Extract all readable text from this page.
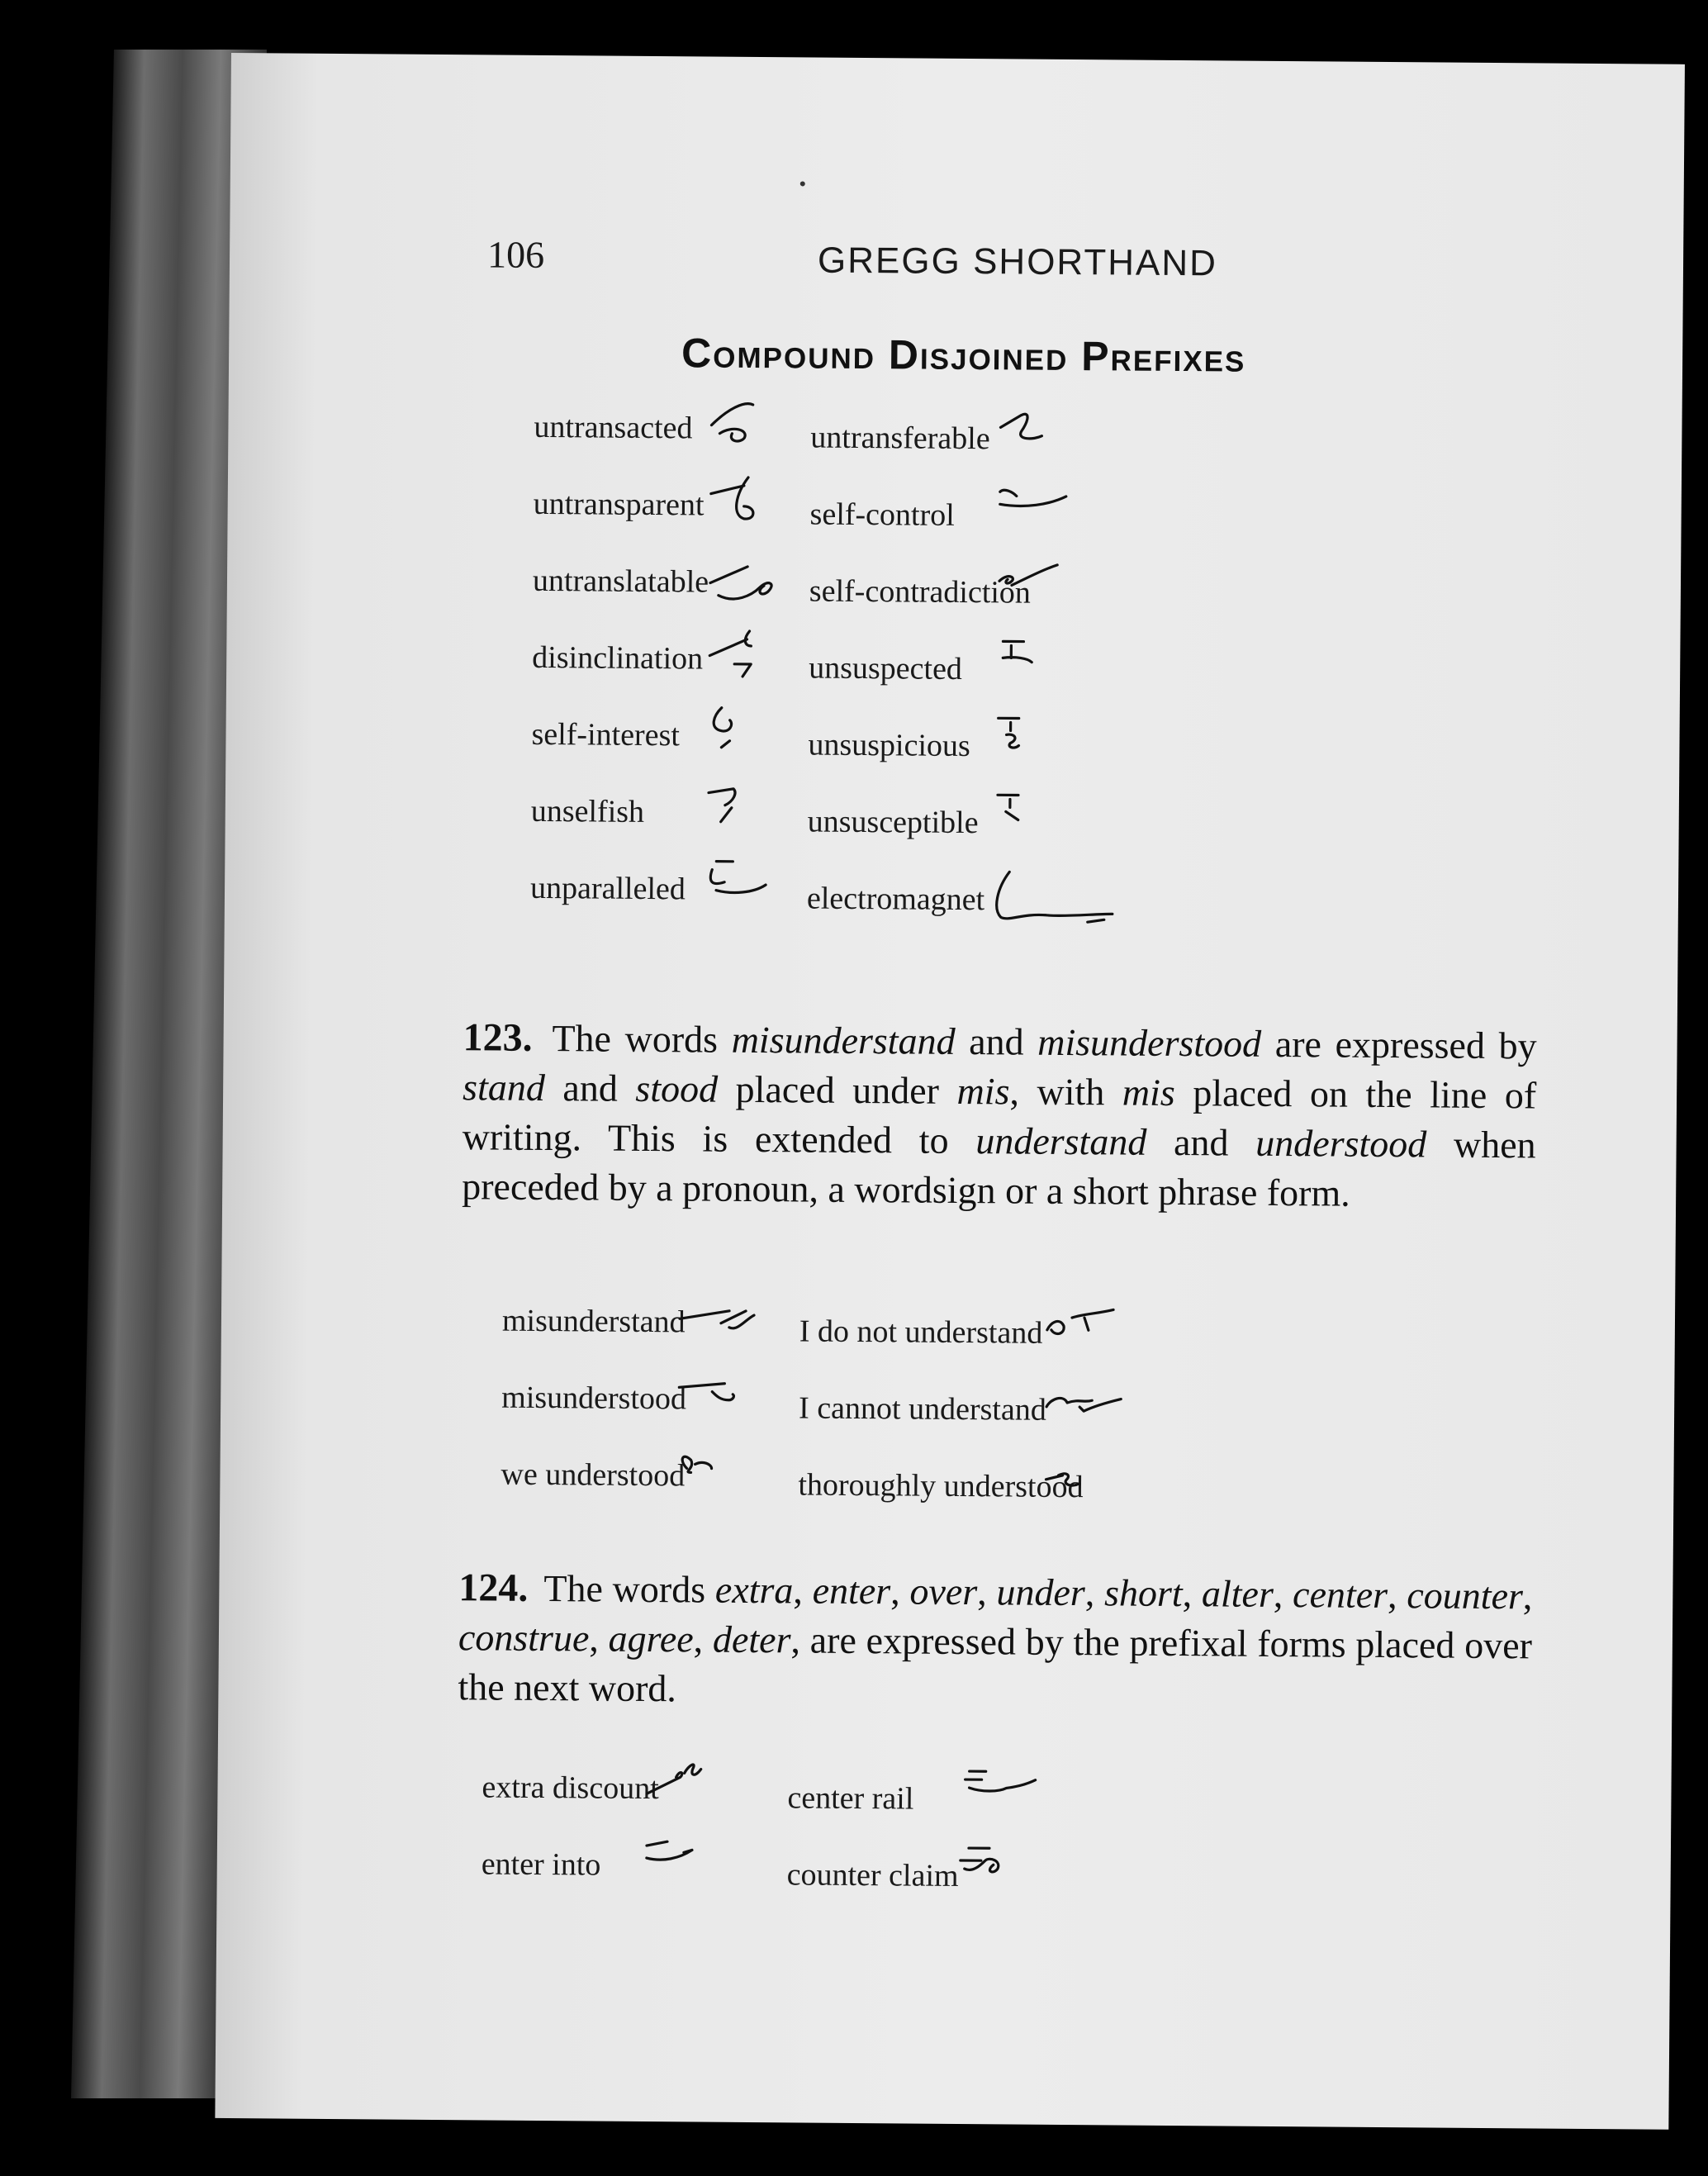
106	GREGG SHORTHAND
Compound Disjoined Prefixes
untransacted
untransparent
untranslatable
disinclination
self-interest
unselfish
unparalleled
untransferable
self-control
self-contradiction
unsuspected
unsuspicious
unsusceptible
electromagnet
123. The words misunderstand and misunderstood are expressed by stand and stood placed under mis, with mis placed on the line of writing. This is extended to understand and understood when preceded by a pronoun, a wordsign or a short phrase form.
misunderstand
misunderstood
we understood
I do not understand
I cannot understand
thoroughly understood
124. The words extra, enter, over, under, short, alter, center, counter, construe, agree, deter, are expressed by the prefixal forms placed over the next word.
extra discount
enter into
center rail
counter claim
